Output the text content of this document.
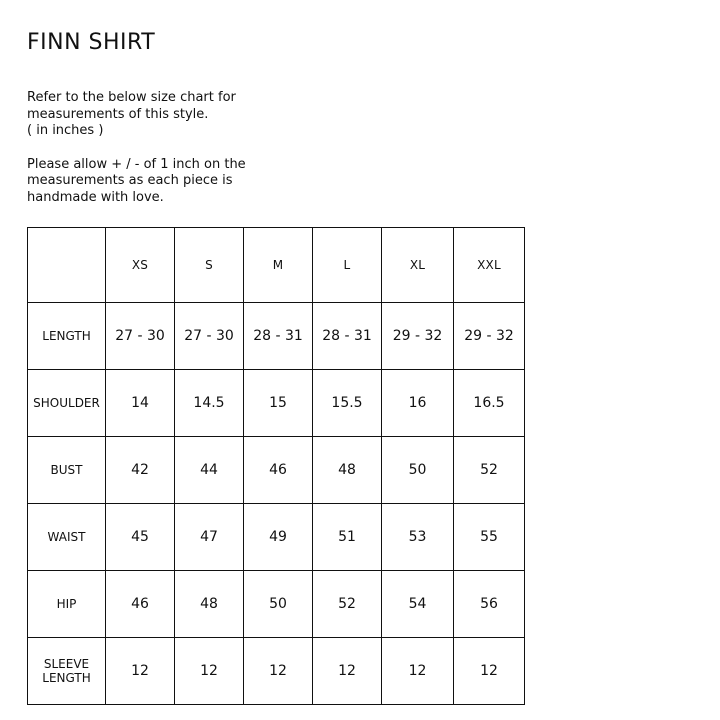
FINN SHIRT

Refer to the below size chart for

measurements of this style.

( in inches )

Please allow + / - of 1 inch on the

measurements as each piece is

handmade with love.

	XS	S	M	L	XL	XXL
LENGTH	27 - 30	27 - 30	28 - 31	28 - 31	29 - 32	29 - 32
SHOULDER	14	14.5	15	15.5	16	16.5
BUST	42	44	46	48	50	52
WAIST	45	47	49	51	53	55
HIP	46	48	50	52	54	56

SLEEVE
LENGTH	12	12	12	12	12	12
